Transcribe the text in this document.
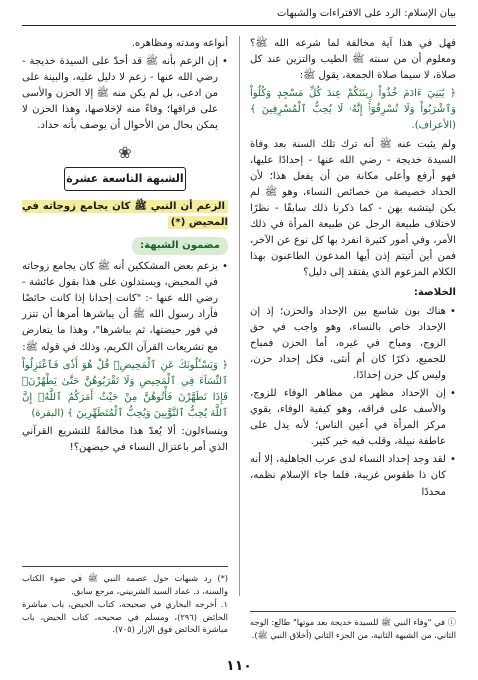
بيان الإسلام: الرد على الافتراءات والشبهات

فهل في هذا آية مخالفة لما شرعه الله ﷺ؟ ومعلوم أن من سنته ﷺ الطيب والتزين عند كل صلاة، لا سيما صلاة الجمعة، يقول ﷺ:

﴿ يَٰبَنِيٓ ءَادَمَ خُذُواْ زِينَتَكُمْ عِندَ كُلِّ مَسْجِدٖ وَكُلُواْ وَٱشْرَبُواْ وَلَا تُسْرِفُوٓاْۚ إِنَّهُۥ لَا يُحِبُّ ٱلْمُسْرِفِينَ ﴾ (الأعراف).

ولم يثبت عنه ﷺ أنه ترك تلك السنة بعد وفاة السيدة خديجة - رضي الله عنها - إحدادًا عليها، فهو أرفع وأعلى مكانة من أن يفعل هذا؛ لأن الحداد خصيصة من خصائص النساء، وهو ﷺ لم يكن ليتشبه بهن - كما ذكرنا ذلك سابقًا - نظرًا لاختلاف طبيعة الرجل عن طبيعة المرأة في ذلك الأمر، وفي أمور كثيرة انفرد بها كل نوع عن الآخر، فمن أين أتيتم إذن أيها المدعون الطاعنون بهذا الكلام المزعوم الذي يفتقد إلى دليل؟

الخلاصة:

• هناك بون شاسع بين الإحداد والحزن؛ إذ إن الإحداد خاص بالنساء، وهو واجب في حق الزوج، ومباح في غيره، أما الحزن فمباح للجميع، ذكرًا كان أم أنثى، فكل إحداد حزن، وليس كل حزن إحدادًا.

• إن الإحداد مظهر من مظاهر الوفاء للزوج، والأسف على فراقه، وهو كيفية الوفاء، يقوي مركز المرأة في أعين الناس؛ لأنه يدل على عاطفة نبيلة، وقلب فيه خير كثير.

• لقد وجد إحداد النساء لدى عرب الجاهلية، إلا أنه كان ذا طقوس غريبة، فلما جاء الإسلام نظمه، محددًا

أنواعه ومدته ومظاهره.

• إن الزعم بأنه ﷺ قد أحدّ على السيدة خديجة - رضي الله عنها - زعم لا دليل عليه، والبينة على من ادعى، بل لم يكن منه ﷺ إلا الحزن والأسى على فراقها؛ وفاءً منه لإخلاصها، وهذا الحزن لا يمكن بحال من الأحوال أن يوصف بأنه حداد.

❀
الشبهة التاسعة عشرة
الزعم أن النبي ﷺ كان يجامع زوجاته في المحيض (*)
مضمون الشبهة:

• يزعم بعض المشككين أنه ﷺ كان يجامع زوجاته في المحيض، ويستدلون على هذا بقول عائشة - رضي الله عنها -: "كانت إحدانا إذا كانت حائضًا فأراد رسول الله ﷺ أن يباشرها أمرها أن تتزر في فور حيضتها، ثم يباشرها"، وهذا ما يتعارض مع تشريعات القرآن الكريم، وذلك في قوله ﷺ:

﴿ وَيَسْـَٔلُونَكَ عَنِ ٱلْمَحِيضِۖ قُلْ هُوَ أَذٗى فَٱعْتَزِلُواْ ٱلنِّسَآءَ فِي ٱلْمَحِيضِ وَلَا تَقْرَبُوهُنَّ حَتَّىٰ يَطْهُرْنَۖ فَإِذَا تَطَهَّرْنَ فَأْتُوهُنَّ مِنْ حَيْثُ أَمَرَكُمُ ٱللَّهُۚ إِنَّ ٱللَّهَ يُحِبُّ ٱلتَّوَّٰبِينَ وَيُحِبُّ ٱلْمُتَطَهِّرِينَ ﴾ (البقرة)

ويتساءلون: ألا يُعدّ هذا مخالفةً للتشريع القرآني الذي أمر باعتزال النساء في حيضهن؟!

(*) رد شبهات حول عصمة النبي ﷺ في ضوء الكتاب والسنة، د. عماد السيد الشربيني، مرجع سابق.

١. أخرجه البخاري في صحيحه، كتاب الحيض، باب مباشرة الحائض (٢٩٦)، ومسلم في صحيحه، كتاب الحيض، باب مباشرة الحائض فوق الإزار (٧٠٥).

ⓘ في "وفاء النبي ﷺ للسيدة خديجة بعد موتها" طالع: الوجه الثاني، من الشبهة الثانية، من الجزء الثاني (أخلاق النبي ﷺ).

١١٠
